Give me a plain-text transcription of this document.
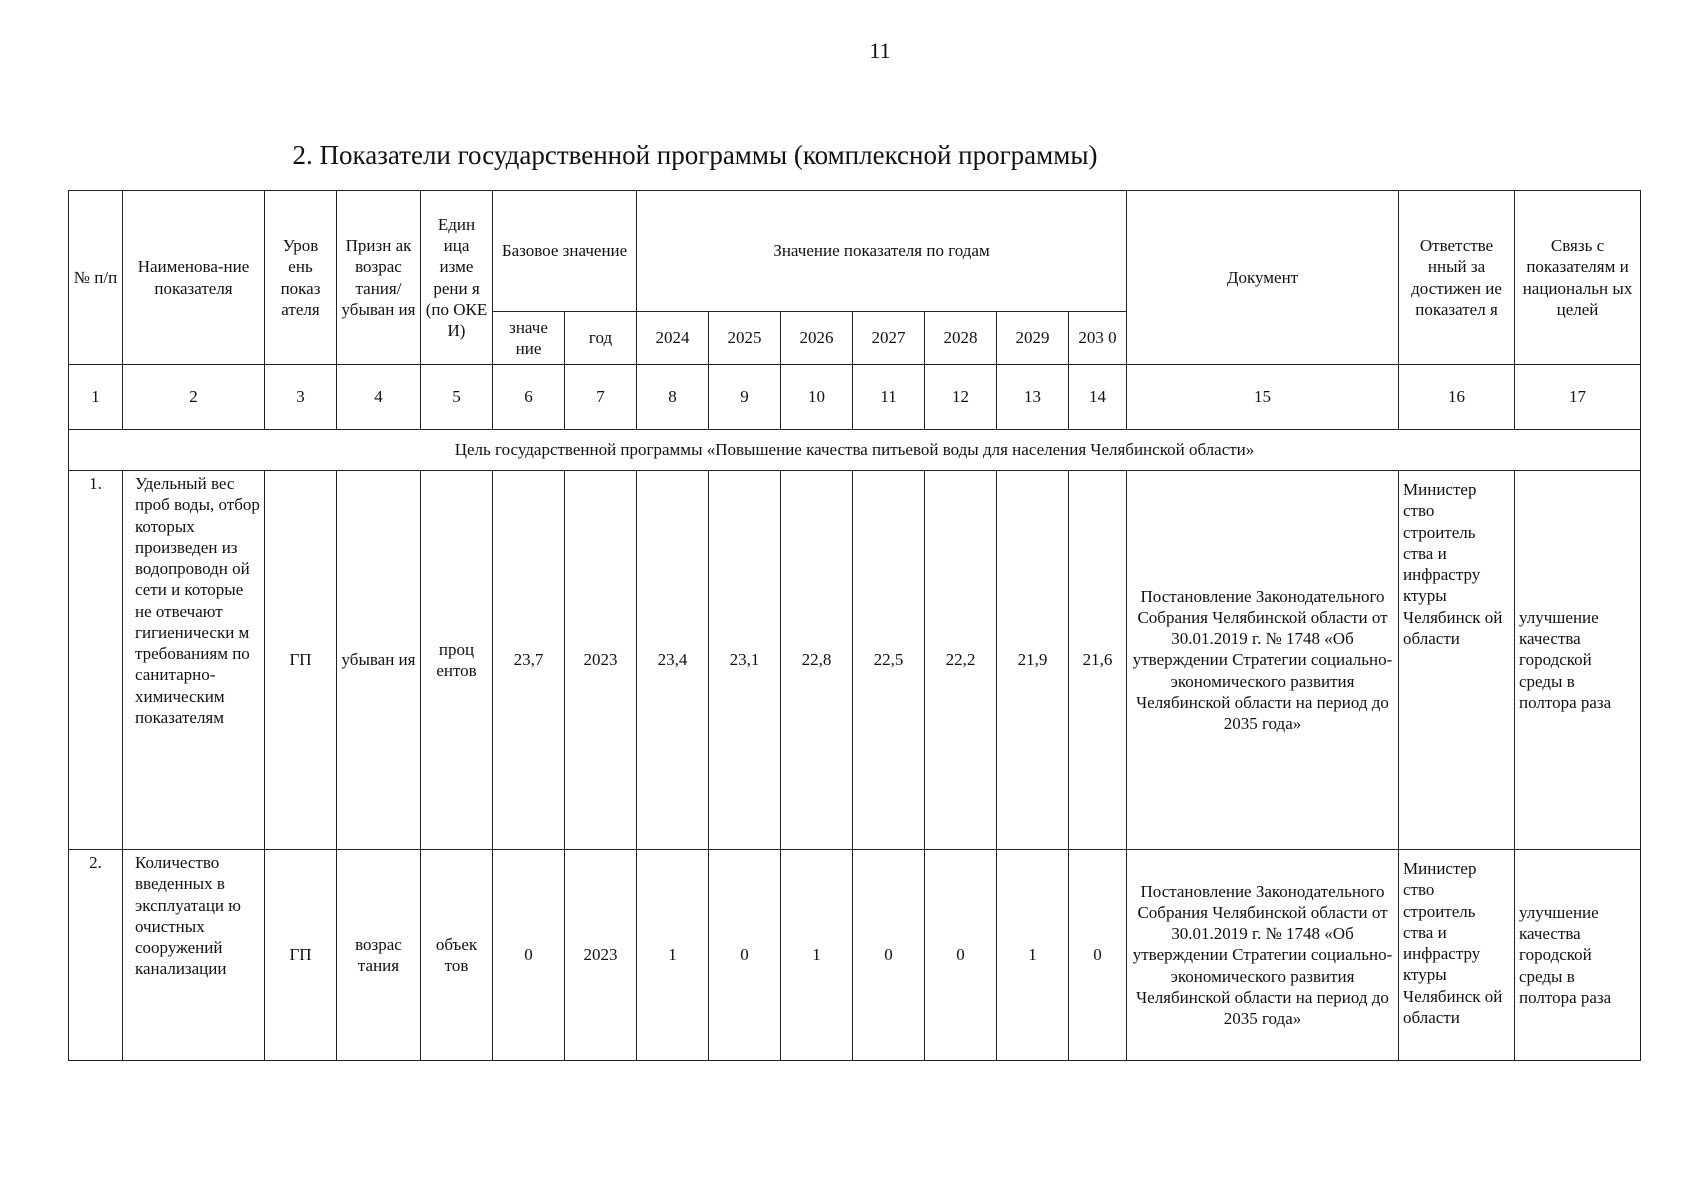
11
2. Показатели государственной программы (комплексной программы)
№ п/п	Наименова-ние показателя	Уров ень показ ателя	Призн ак возрас тания/ убыван ия	Един ица изме рени я (по ОКЕ И)	Базовое значение		Значение показателя по годам							Документ	Ответстве нный за достижен ие показател я	Связь с показателям и национальн ых целей
					значе ние	год	2024	2025	2026	2027	2028	2029	203 0			
1	2	3	4	5	6	7	8	9	10	11	12	13	14	15	16	17
Цель государственной программы «Повышение качества питьевой воды для населения Челябинской области»																
1.	Удельный вес проб воды, отбор которых произведен из водопроводн ой сети и которые не отвечают гигиенически м требованиям по санитарно-химическим показателям	ГП	убыван ия	проц ентов	23,7	2023	23,4	23,1	22,8	22,5	22,2	21,9	21,6	Постановление Законодательного Собрания Челябинской области от 30.01.2019 г. № 1748 «Об утверждении Стратегии социально-экономического развития Челябинской области на период до 2035 года»	Министер ство строитель ства и инфрастру ктуры Челябинск ой области	улучшение качества городской среды в полтора раза
2.	Количество введенных в эксплуатаци ю очистных сооружений канализации	ГП	возрас тания	объек тов	0	2023	1	0	1	0	0	1	0	Постановление Законодательного Собрания Челябинской области от 30.01.2019 г. № 1748 «Об утверждении Стратегии социально-экономического развития Челябинской области на период до 2035 года»	Министер ство строитель ства и инфрастру ктуры Челябинск ой области	улучшение качества городской среды в полтора раза
